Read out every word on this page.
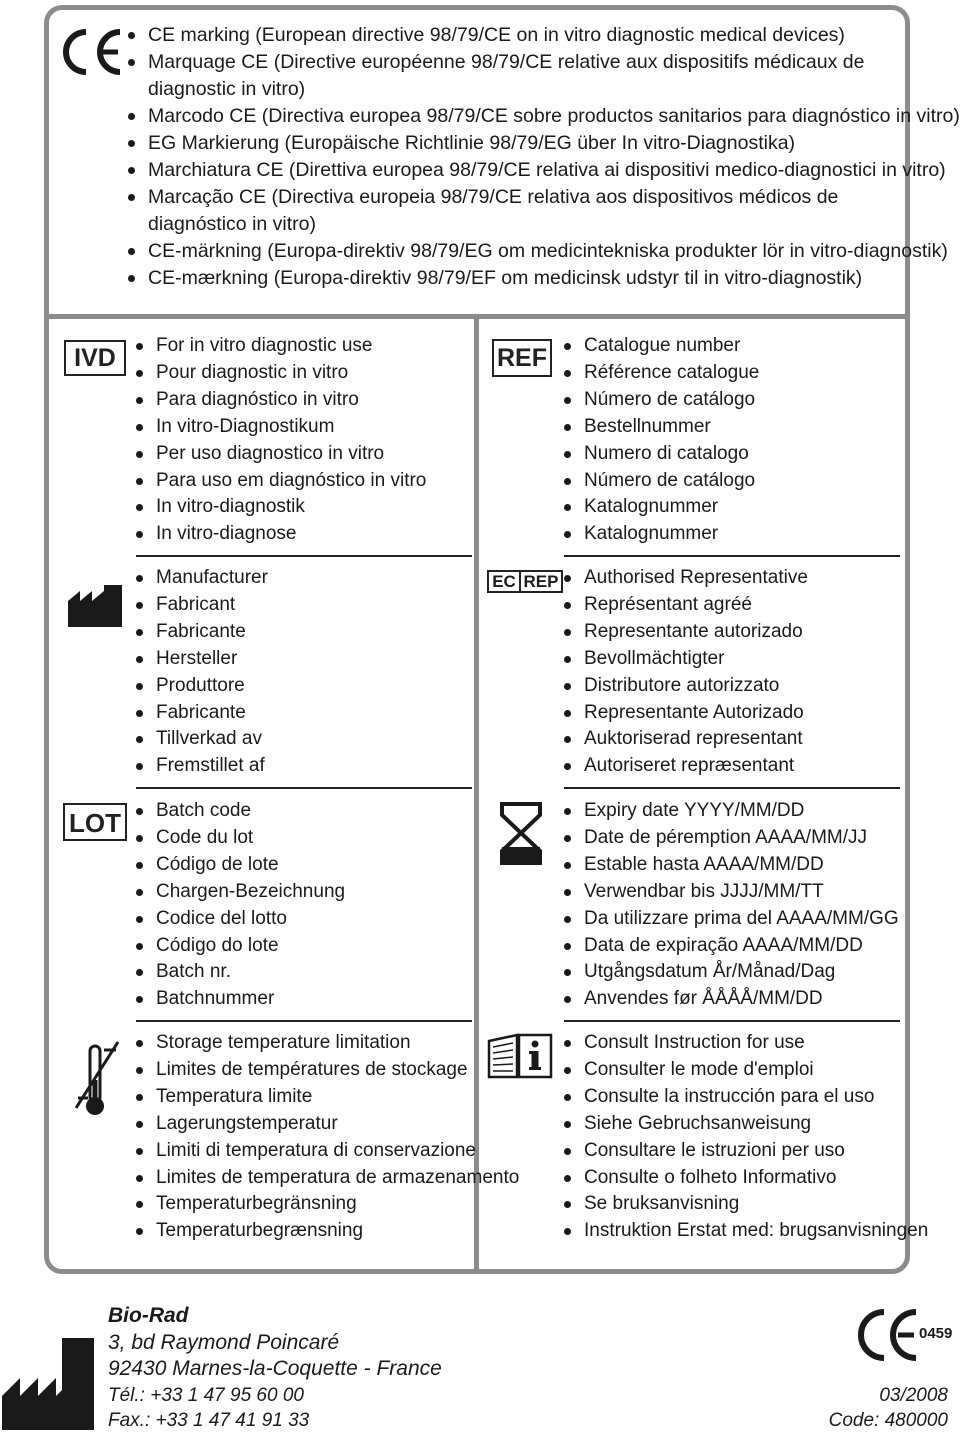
CE marking (European directive 98/79/CE on in vitro diagnostic medical devices)
Marquage CE (Directive européenne 98/79/CE relative aux dispositifs médicaux de diagnostic in vitro)
Marcodo CE (Directiva europea 98/79/CE sobre productos sanitarios para diagnóstico in vitro)
EG Markierung (Europäische Richtlinie 98/79/EG über In vitro-Diagnostika)
Marchiatura CE (Direttiva europea 98/79/CE relativa ai dispositivi medico-diagnostici in vitro)
Marcação CE (Directiva europeia 98/79/CE relativa aos dispositivos médicos de diagnóstico in vitro)
CE-märkning (Europa-direktiv 98/79/EG om medicintekniska produkter lör in vitro-diagnostik)
CE-mærkning (Europa-direktiv 98/79/EF om medicinsk udstyr til in vitro-diagnostik)
IVD	For in vitro diagnostic use
Pour diagnostic in vitro
Para diagnóstico in vitro
In vitro-Diagnostikum
Per uso diagnostico in vitro
Para uso em diagnóstico in vitro
In vitro-diagnostik
In vitro-diagnose
REF	Catalogue number
Référence catalogue
Número de catálogo
Bestellnummer
Numero di catalogo
Número de catálogo
Katalognummer
Katalognummer
Manufacturer
Fabricant
Fabricante
Hersteller
Produttore
Fabricante
Tillverkad av
Fremstillet af
EC REP	Authorised Representative
Représentant agréé
Representante autorizado
Bevollmächtigter
Distributore autorizzato
Representante Autorizado
Auktoriserad representant
Autoriseret repræsentant
LOT	Batch code
Code du lot
Código de lote
Chargen-Bezeichnung
Codice del lotto
Código do lote
Batch nr.
Batchnummer
Expiry date YYYY/MM/DD
Date de péremption AAAA/MM/JJ
Estable hasta AAAA/MM/DD
Verwendbar bis JJJJ/MM/TT
Da utilizzare prima del AAAA/MM/GG
Data de expiração AAAA/MM/DD
Utgångsdatum År/Månad/Dag
Anvendes før ÅÅÅÅ/MM/DD
Storage temperature limitation
Limites de températures de stockage
Temperatura limite
Lagerungstemperatur
Limiti di temperatura di conservazione
Limites de temperatura de armazenamento
Temperaturbegränsning
Temperaturbegrænsning
Consult Instruction for use
Consulter le mode d'emploi
Consulte la instrucción para el uso
Siehe Gebruchsanweisung
Consultare le istruzioni per uso
Consulte o folheto Informativo
Se bruksanvisning
Instruktion Erstat med: brugsanvisningen
Bio-Rad
3, bd Raymond Poincaré
92430 Marnes-la-Coquette - France
Tél.: +33 1 47 95 60 00
Fax.: +33 1 47 41 91 33
0459
03/2008
Code: 480000
